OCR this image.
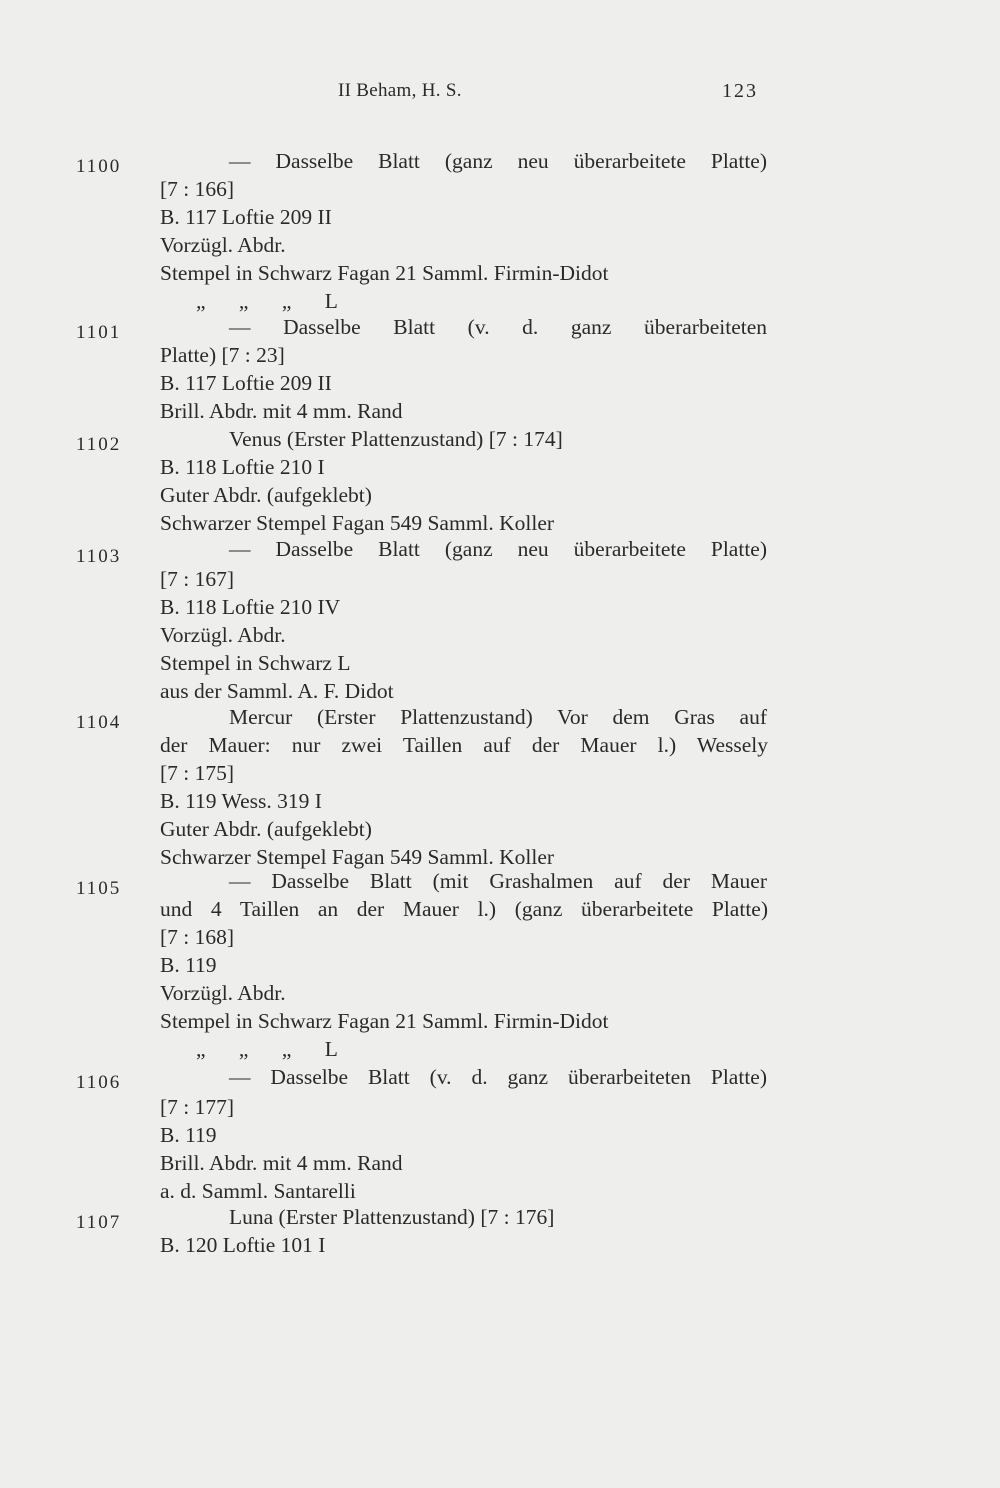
II Beham, H. S.	123
1100	— Dasselbe Blatt (ganz neu überarbeitete Platte)
[7 : 166]
B. 117 Loftie 209 II
Vorzügl. Abdr.
Stempel in Schwarz Fagan 21 Samml. Firmin-Didot
„ „ „ L
1101	— Dasselbe Blatt (v. d. ganz überarbeiteten
Platte) [7 : 23]
B. 117 Loftie 209 II
Brill. Abdr. mit 4 mm. Rand
1102	Venus (Erster Plattenzustand) [7 : 174]
B. 118 Loftie 210 I
Guter Abdr. (aufgeklebt)
Schwarzer Stempel Fagan 549 Samml. Koller
1103	— Dasselbe Blatt (ganz neu überarbeitete Platte)
[7 : 167]
B. 118 Loftie 210 IV
Vorzügl. Abdr.
Stempel in Schwarz L
aus der Samml. A. F. Didot
1104	Mercur (Erster Plattenzustand) Vor dem Gras auf
der Mauer: nur zwei Taillen auf der Mauer l.) Wessely
[7 : 175]
B. 119 Wess. 319 I
Guter Abdr. (aufgeklebt)
Schwarzer Stempel Fagan 549 Samml. Koller
1105	— Dasselbe Blatt (mit Grashalmen auf der Mauer
und 4 Taillen an der Mauer l.) (ganz überarbeitete Platte)
[7 : 168]
B. 119
Vorzügl. Abdr.
Stempel in Schwarz Fagan 21 Samml. Firmin-Didot
„ „ „ L
1106	— Dasselbe Blatt (v. d. ganz überarbeiteten Platte)
[7 : 177]
B. 119
Brill. Abdr. mit 4 mm. Rand
a. d. Samml. Santarelli
1107	Luna (Erster Plattenzustand) [7 : 176]
B. 120 Loftie 101 I
